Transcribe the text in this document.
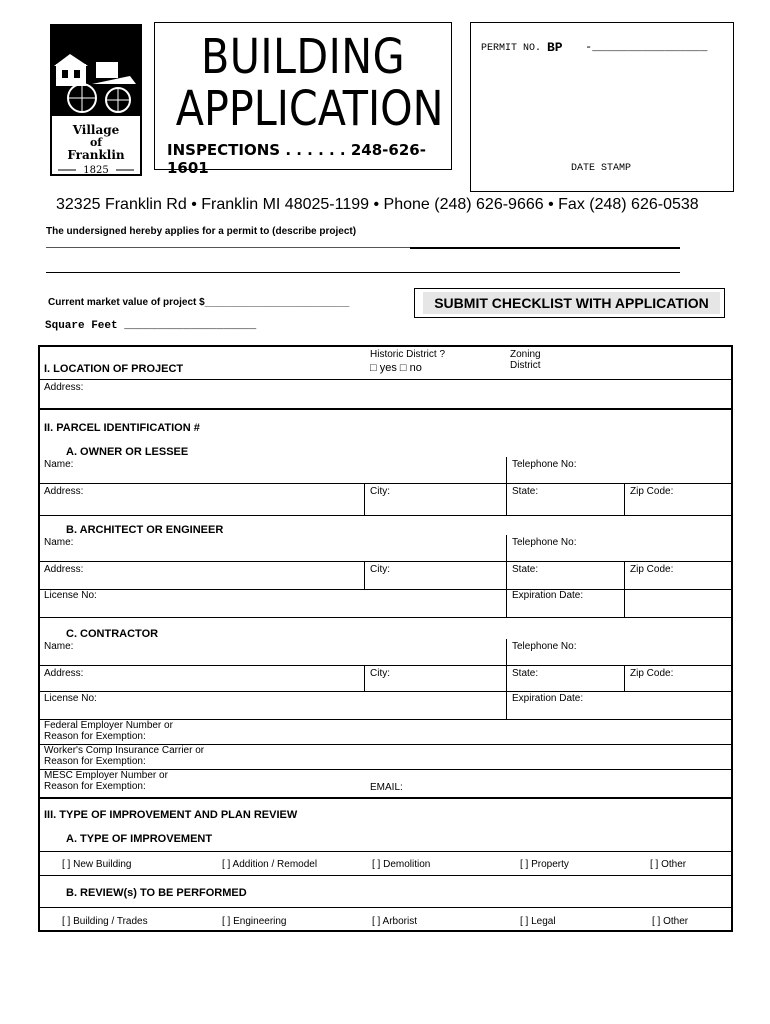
Village
of
Franklin
1825
BUILDING
APPLICATION
INSPECTIONS . . . . . . 248-626-1601
PERMIT NO. BP -________________
DATE STAMP
32325 Franklin Rd • Franklin MI 48025-1199 • Phone (248) 626-9666 • Fax (248) 626-0538
The undersigned hereby applies for a permit to (describe project)
Current market value of project $__________________________
Square Feet ____________________
SUBMIT CHECKLIST WITH APPLICATION
I. LOCATION OF PROJECT
Historic District ?
□ yes □ no
Zoning
District
Address:
II. PARCEL IDENTIFICATION #
A. OWNER OR LESSEE
Name:	Telephone No:
Address:	City:	State:	Zip Code:
B. ARCHITECT OR ENGINEER
Name:	Telephone No:
Address:	City:	State:	Zip Code:
License No:	Expiration Date:
C. CONTRACTOR
Name:	Telephone No:
Address:	City:	State:	Zip Code:
License No:	Expiration Date:
Federal Employer Number or
Reason for Exemption:
Worker's Comp Insurance Carrier or
Reason for Exemption:
MESC Employer Number or
Reason for Exemption:	EMAIL:
III. TYPE OF IMPROVEMENT AND PLAN REVIEW
A. TYPE OF IMPROVEMENT
[ ] New Building	[ ] Addition / Remodel	[ ] Demolition	[ ] Property	[ ] Other
B. REVIEW(s) TO BE PERFORMED
[ ] Building / Trades	[ ] Engineering	[ ] Arborist	[ ] Legal	[ ] Other
